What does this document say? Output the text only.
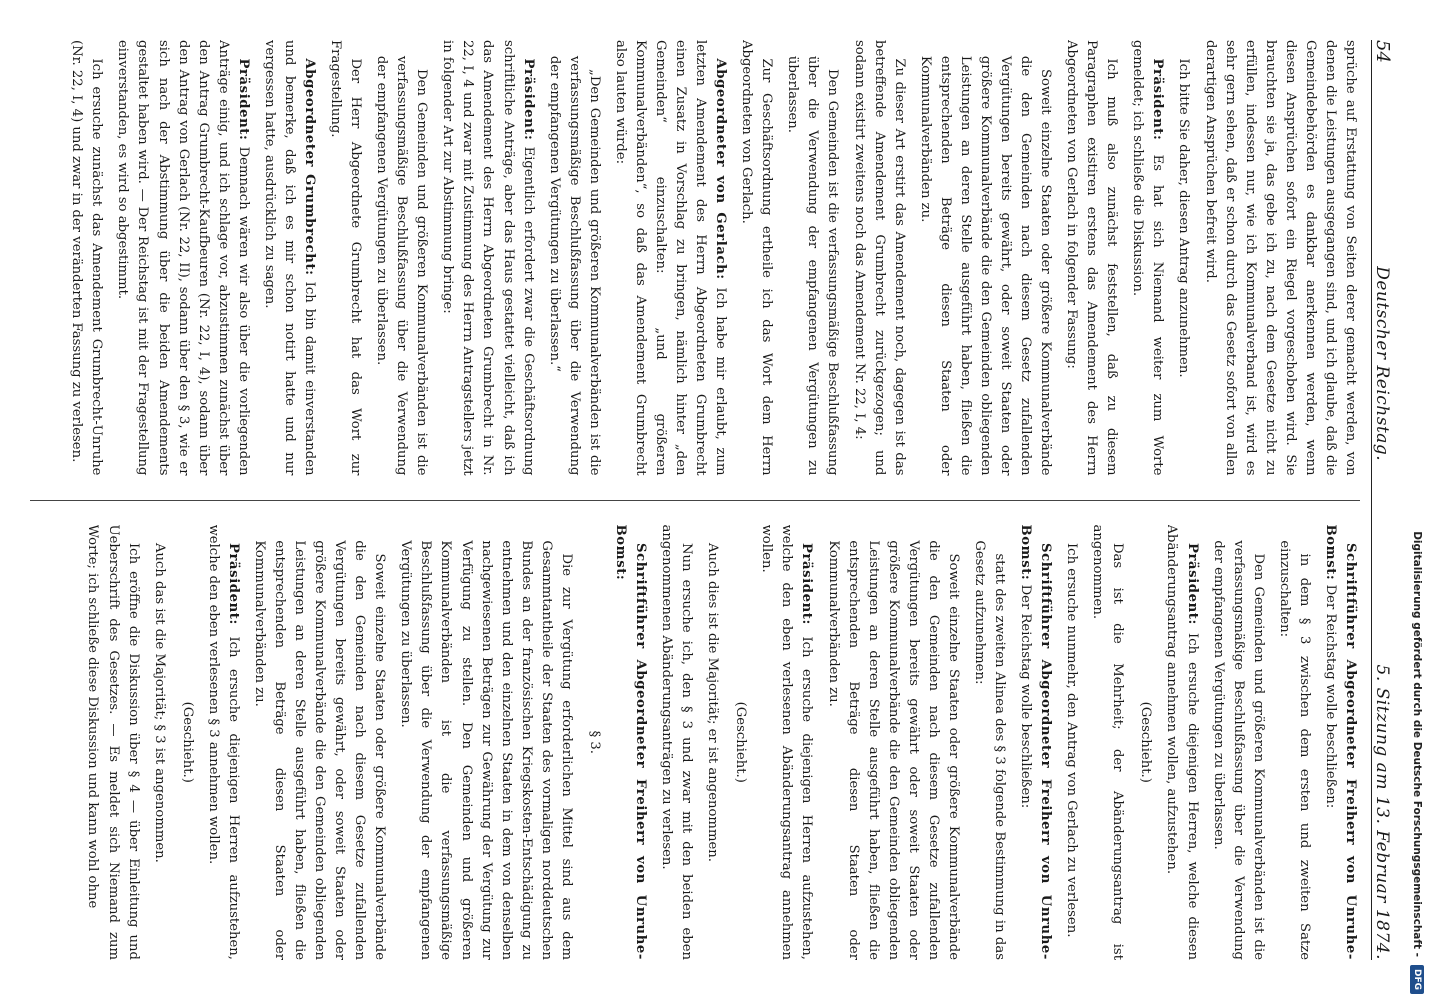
54
Deutscher Reichstag.
5. Sitzung am 13. Februar 1874.

sprüche auf Erstattung von Seiten derer gemacht werden, von denen die Leistungen ausgegangen sind, und ich glaube, daß die Gemeindebehörden es dankbar anerkennen werden, wenn diesen Ansprüchen sofort ein Riegel vorgeschoben wird. Sie brauchten sie ja, das gebe ich zu, nach dem Gesetze nicht zu erfüllen, indessen nur, wie ich Kommunalverband ist, wird es sehr gern sehen, daß er schon durch das Gesetz sofort von allen derartigen Ansprüchen befreit wird.

Ich bitte Sie daher, diesen Antrag anzunehmen.

Präsident: Es hat sich Niemand weiter zum Worte gemeldet; ich schließe die Diskussion.

Ich muß also zunächst feststellen, daß zu diesem Paragraphen existiren erstens das Amendement des Herrn Abgeordneten von Gerlach in folgender Fassung:

Soweit einzelne Staaten oder größere Kommunalverbände die den Gemeinden nach diesem Gesetz zufallenden Vergütungen bereits gewährt, oder soweit Staaten oder größere Kommunalverbände die den Gemeinden obliegenden Leistungen an deren Stelle ausgeführt haben, fließen die entsprechenden Beträge diesen Staaten oder Kommunalverbänden zu.

Zu dieser Art erstirt das Amendement noch, dagegen ist das betreffende Amendement Grumbrecht zurückgezogen; und sodann existirt zweitens noch das Amendement Nr. 22, I, 4:

Den Gemeinden ist die verfassungsmäßige Beschlußfassung über die Verwendung der empfangenen Vergütungen zu überlassen.

Zur Geschäftsordnung ertheile ich das Wort dem Herrn Abgeordneten von Gerlach.

Abgeordneter von Gerlach: Ich habe mir erlaubt, zum letzten Amendement des Herrn Abgeordneten Grumbrecht einen Zusatz in Vorschlag zu bringen, nämlich hinter „den Gemeinden“ einzuschalten: „und größeren Kommunalverbänden“, so daß das Amendement Grumbrecht also lauten würde:

„Den Gemeinden und größeren Kommunalverbänden ist die verfassungsmäßige Beschlußfassung über die Verwendung der empfangenen Vergütungen zu überlassen.“

Präsident: Eigentlich erfordert zwar die Geschäftsordnung schriftliche Anträge, aber das Haus gestattet vielleicht, daß ich das Amendement des Herrn Abgeordneten Grumbrecht in Nr. 22, I, 4 und zwar mit Zustimmung des Herrn Antragstellers jetzt in folgender Art zur Abstimmung bringe:

Den Gemeinden und größeren Kommunalverbänden ist die verfassungsmäßige Beschlußfassung über die Verwendung der empfangenen Vergütungen zu überlassen.

Der Herr Abgeordnete Grumbrecht hat das Wort zur Fragestellung.

Abgeordneter Grumbrecht: Ich bin damit einverstanden und bemerke, daß ich es mir schon notirt hatte und nur vergessen hatte, ausdrücklich zu sagen.

Präsident: Demnach wären wir also über die vorliegenden Anträge einig, und ich schlage vor, abzustimmen zunächst über den Antrag Grumbrecht-Kaufbeuren (Nr. 22, I, 4), sodann über den Antrag von Gerlach (Nr. 22, II), sodann über den § 3, wie er sich nach der Abstimmung über die beiden Amendements gestaltet haben wird. — Der Reichstag ist mit der Fragestellung einverstanden, es wird so abgestimmt.

Ich ersuche zunächst das Amendement Grumbrecht-Unruhe (Nr. 22, I, 4) und zwar in der veränderten Fassung zu verlesen.

Schriftführer Abgeordneter Freiherr von Unruhe-Bomst: Der Reichstag wolle beschließen:

in dem § 3 zwischen dem ersten und zweiten Satze einzuschalten:

Den Gemeinden und größeren Kommunalverbänden ist die verfassungsmäßige Beschlußfassung über die Verwendung der empfangenen Vergütungen zu überlassen.

Präsident: Ich ersuche diejenigen Herren, welche diesen Abänderungsantrag annehmen wollen, aufzustehen.

(Geschieht.)

Das ist die Mehrheit; der Abänderungsantrag ist angenommen.

Ich ersuche nunmehr, den Antrag von Gerlach zu verlesen.

Schriftführer Abgeordneter Freiherr von Unruhe-Bomst: Der Reichstag wolle beschließen:

statt des zweiten Alinea des § 3 folgende Bestimmung in das Gesetz aufzunehmen:

Soweit einzelne Staaten oder größere Kommunalverbände die den Gemeinden nach diesem Gesetze zufallenden Vergütungen bereits gewährt oder soweit Staaten oder größere Kommunalverbände die den Gemeinden obliegenden Leistungen an deren Stelle ausgeführt haben, fließen die entsprechenden Beträge diesen Staaten oder Kommunalverbänden zu.

Präsident: Ich ersuche diejenigen Herren aufzustehen, welche den eben verlesenen Abänderungsantrag annehmen wollen.

(Geschieht.)

Auch dies ist die Majorität; er ist angenommen.

Nun ersuche ich, den § 3 und zwar mit den beiden eben angenommenen Abänderungsanträgen zu verlesen.

Schriftführer Abgeordneter Freiherr von Unruhe-Bomst:

§ 3.

Die zur Vergütung erforderlichen Mittel sind aus dem Gesammtantheile der Staaten des vormaligen norddeutschen Bundes an der französischen Kriegskosten-Entschädigung zu entnehmen und den einzelnen Staaten in dem von denselben nachgewiesenen Beträgen zur Gewährung der Vergütung zur Verfügung zu stellen. Den Gemeinden und größeren Kommunalverbänden ist die verfassungsmäßige Beschlußfassung über die Verwendung der empfangenen Vergütungen zu überlassen.

Soweit einzelne Staaten oder größere Kommunalverbände die den Gemeinden nach diesem Gesetze zufallenden Vergütungen bereits gewährt, oder soweit Staaten oder größere Kommunalverbände die den Gemeinden obliegenden Leistungen an deren Stelle ausgeführt haben, fließen die entsprechenden Beträge diesen Staaten oder Kommunalverbänden zu.

Präsident: Ich ersuche diejenigen Herren aufzustehen, welche den eben verlesenen § 3 annehmen wollen.

(Geschieht.)

Auch das ist die Majorität; § 3 ist angenommen.

Ich eröffne die Diskussion über § 4 — über Einleitung und Ueberschrift des Gesetzes. — Es meldet sich Niemand zum Worte; ich schließe diese Diskussion und kann wohl ohne	Digitalisierung gefördert durch die Deutsche Forschungsgemeinschaft -
DFG
